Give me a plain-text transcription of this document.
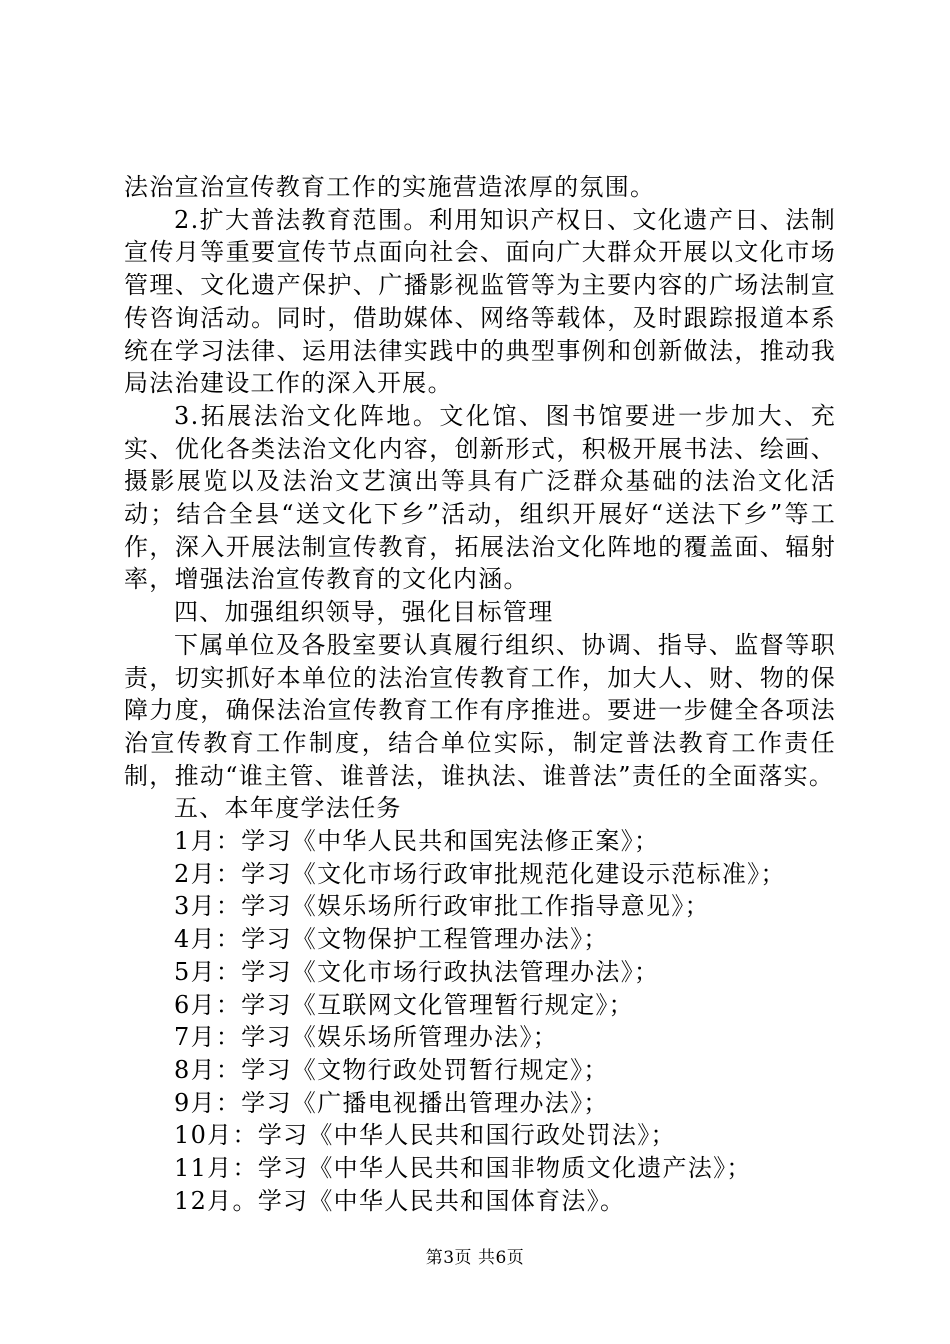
法治宣治宣传教育工作的实施营造浓厚的氛围。

2.扩大普法教育范围。利用知识产权日、文化遗产日、法制宣传月等重要宣传节点面向社会、面向广大群众开展以文化市场管理、文化遗产保护、广播影视监管等为主要内容的广场法制宣传咨询活动。同时，借助媒体、网络等载体，及时跟踪报道本系统在学习法律、运用法律实践中的典型事例和创新做法，推动我局法治建设工作的深入开展。

3.拓展法治文化阵地。文化馆、图书馆要进一步加大、充实、优化各类法治文化内容，创新形式，积极开展书法、绘画、摄影展览以及法治文艺演出等具有广泛群众基础的法治文化活动；结合全县“送文化下乡”活动，组织开展好“送法下乡”等工作，深入开展法制宣传教育，拓展法治文化阵地的覆盖面、辐射率，增强法治宣传教育的文化内涵。

四、加强组织领导，强化目标管理

下属单位及各股室要认真履行组织、协调、指导、监督等职责，切实抓好本单位的法治宣传教育工作，加大人、财、物的保障力度，确保法治宣传教育工作有序推进。要进一步健全各项法治宣传教育工作制度，结合单位实际，制定普法教育工作责任制，推动“谁主管、谁普法，谁执法、谁普法”责任的全面落实。

五、本年度学法任务

1月：学习《中华人民共和国宪法修正案》；
2月：学习《文化市场行政审批规范化建设示范标准》；
3月：学习《娱乐场所行政审批工作指导意见》；
4月：学习《文物保护工程管理办法》；
5月：学习《文化市场行政执法管理办法》；
6月：学习《互联网文化管理暂行规定》；
7月：学习《娱乐场所管理办法》；
8月：学习《文物行政处罚暂行规定》；
9月：学习《广播电视播出管理办法》；
10月：学习《中华人民共和国行政处罚法》；
11月：学习《中华人民共和国非物质文化遗产法》；
12月。学习《中华人民共和国体育法》。
第3页 共6页
